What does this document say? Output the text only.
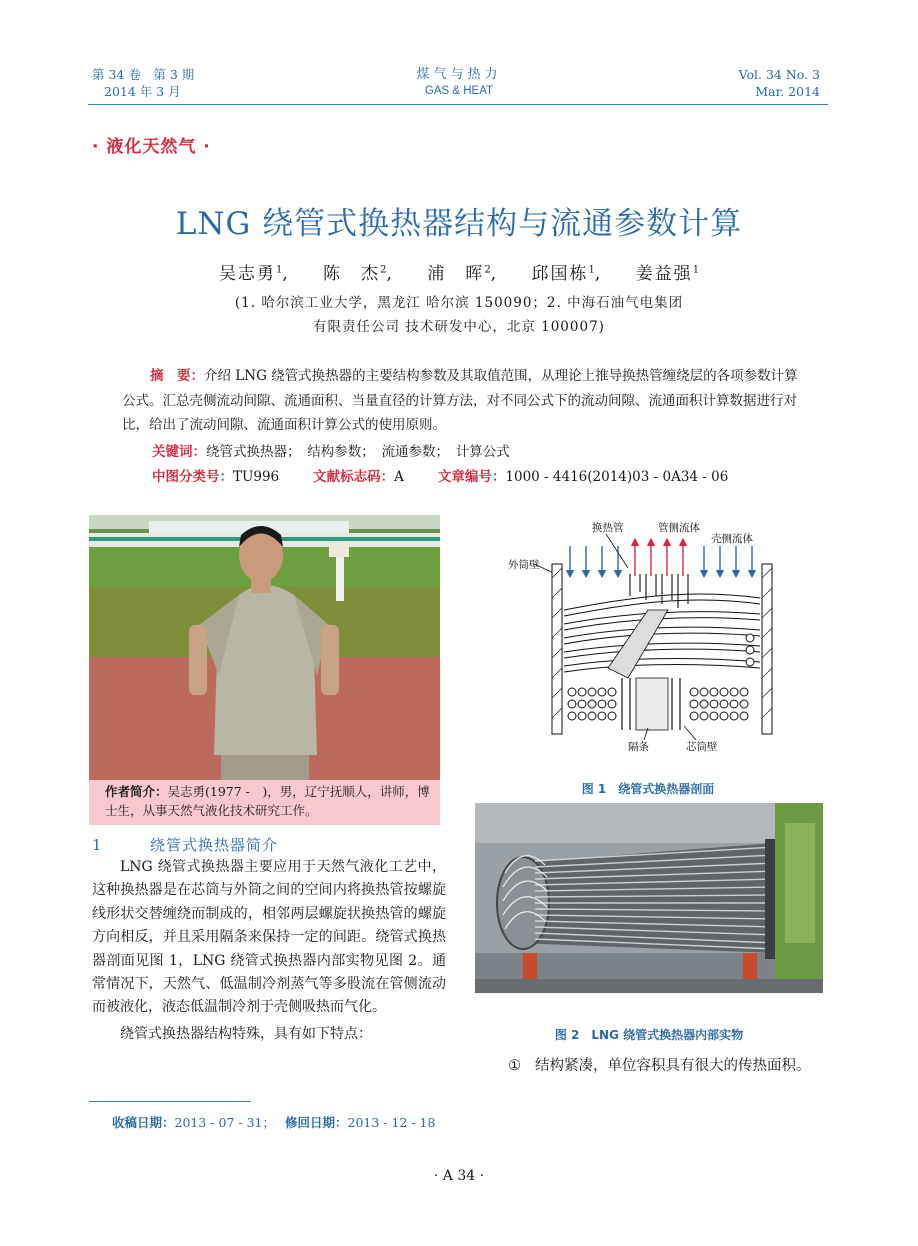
第 34 卷　第 3 期
2014 年 3 月
煤气与热力
GAS & HEAT
Vol. 34 No. 3
Mar. 2014
· 液化天然气 ·
LNG 绕管式换热器结构与流通参数计算
吴志勇$^1$, 陈　杰$^2$, 浦　晖$^2$, 邱国栋$^1$, 姜益强$^1$
(1. 哈尔滨工业大学，黑龙江 哈尔滨 150090；2. 中海石油气电集团
有限责任公司 技术研发中心，北京 100007)
摘　要：介绍 LNG 绕管式换热器的主要结构参数及其取值范围，从理论上推导换热管缠绕层的各项参数计算公式。汇总壳侧流动间隙、流通面积、当量直径的计算方法，对不同公式下的流动间隙、流通面积计算数据进行对比，给出了流动间隙、流通面积计算公式的使用原则。
关键词：绕管式换热器；　结构参数；　流通参数；　计算公式
中图分类号：TU996	文献标志码：A	文章编号：1000 - 4416(2014)03 - 0A34 - 06
作者简介：吴志勇(1977 -　)，男，辽宁抚顺人，讲师，博士生，从事天然气液化技术研究工作。
1	绕管式换热器简介

LNG 绕管式换热器主要应用于天然气液化工艺中，这种换热器是在芯筒与外筒之间的空间内将换热管按螺旋线形状交替缠绕而制成的，相邻两层螺旋状换热管的螺旋方向相反，并且采用隔条来保持一定的间距。绕管式换热器剖面见图 1，LNG 绕管式换热器内部实物见图 2。通常情况下，天然气、低温制冷剂蒸气等多股流在管侧流动而被液化，液态低温制冷剂于壳侧吸热而气化。

绕管式换热器结构特殊，具有如下特点：

收稿日期：2013 - 07 - 31； 修回日期：2013 - 12 - 18
· A 34 ·
换热管	管侧流体
壳侧流体
外筒壁
隔条	芯筒壁
图 1　绕管式换热器剖面
图 2　LNG 绕管式换热器内部实物
① 结构紧凑，单位容积具有很大的传热面积。
